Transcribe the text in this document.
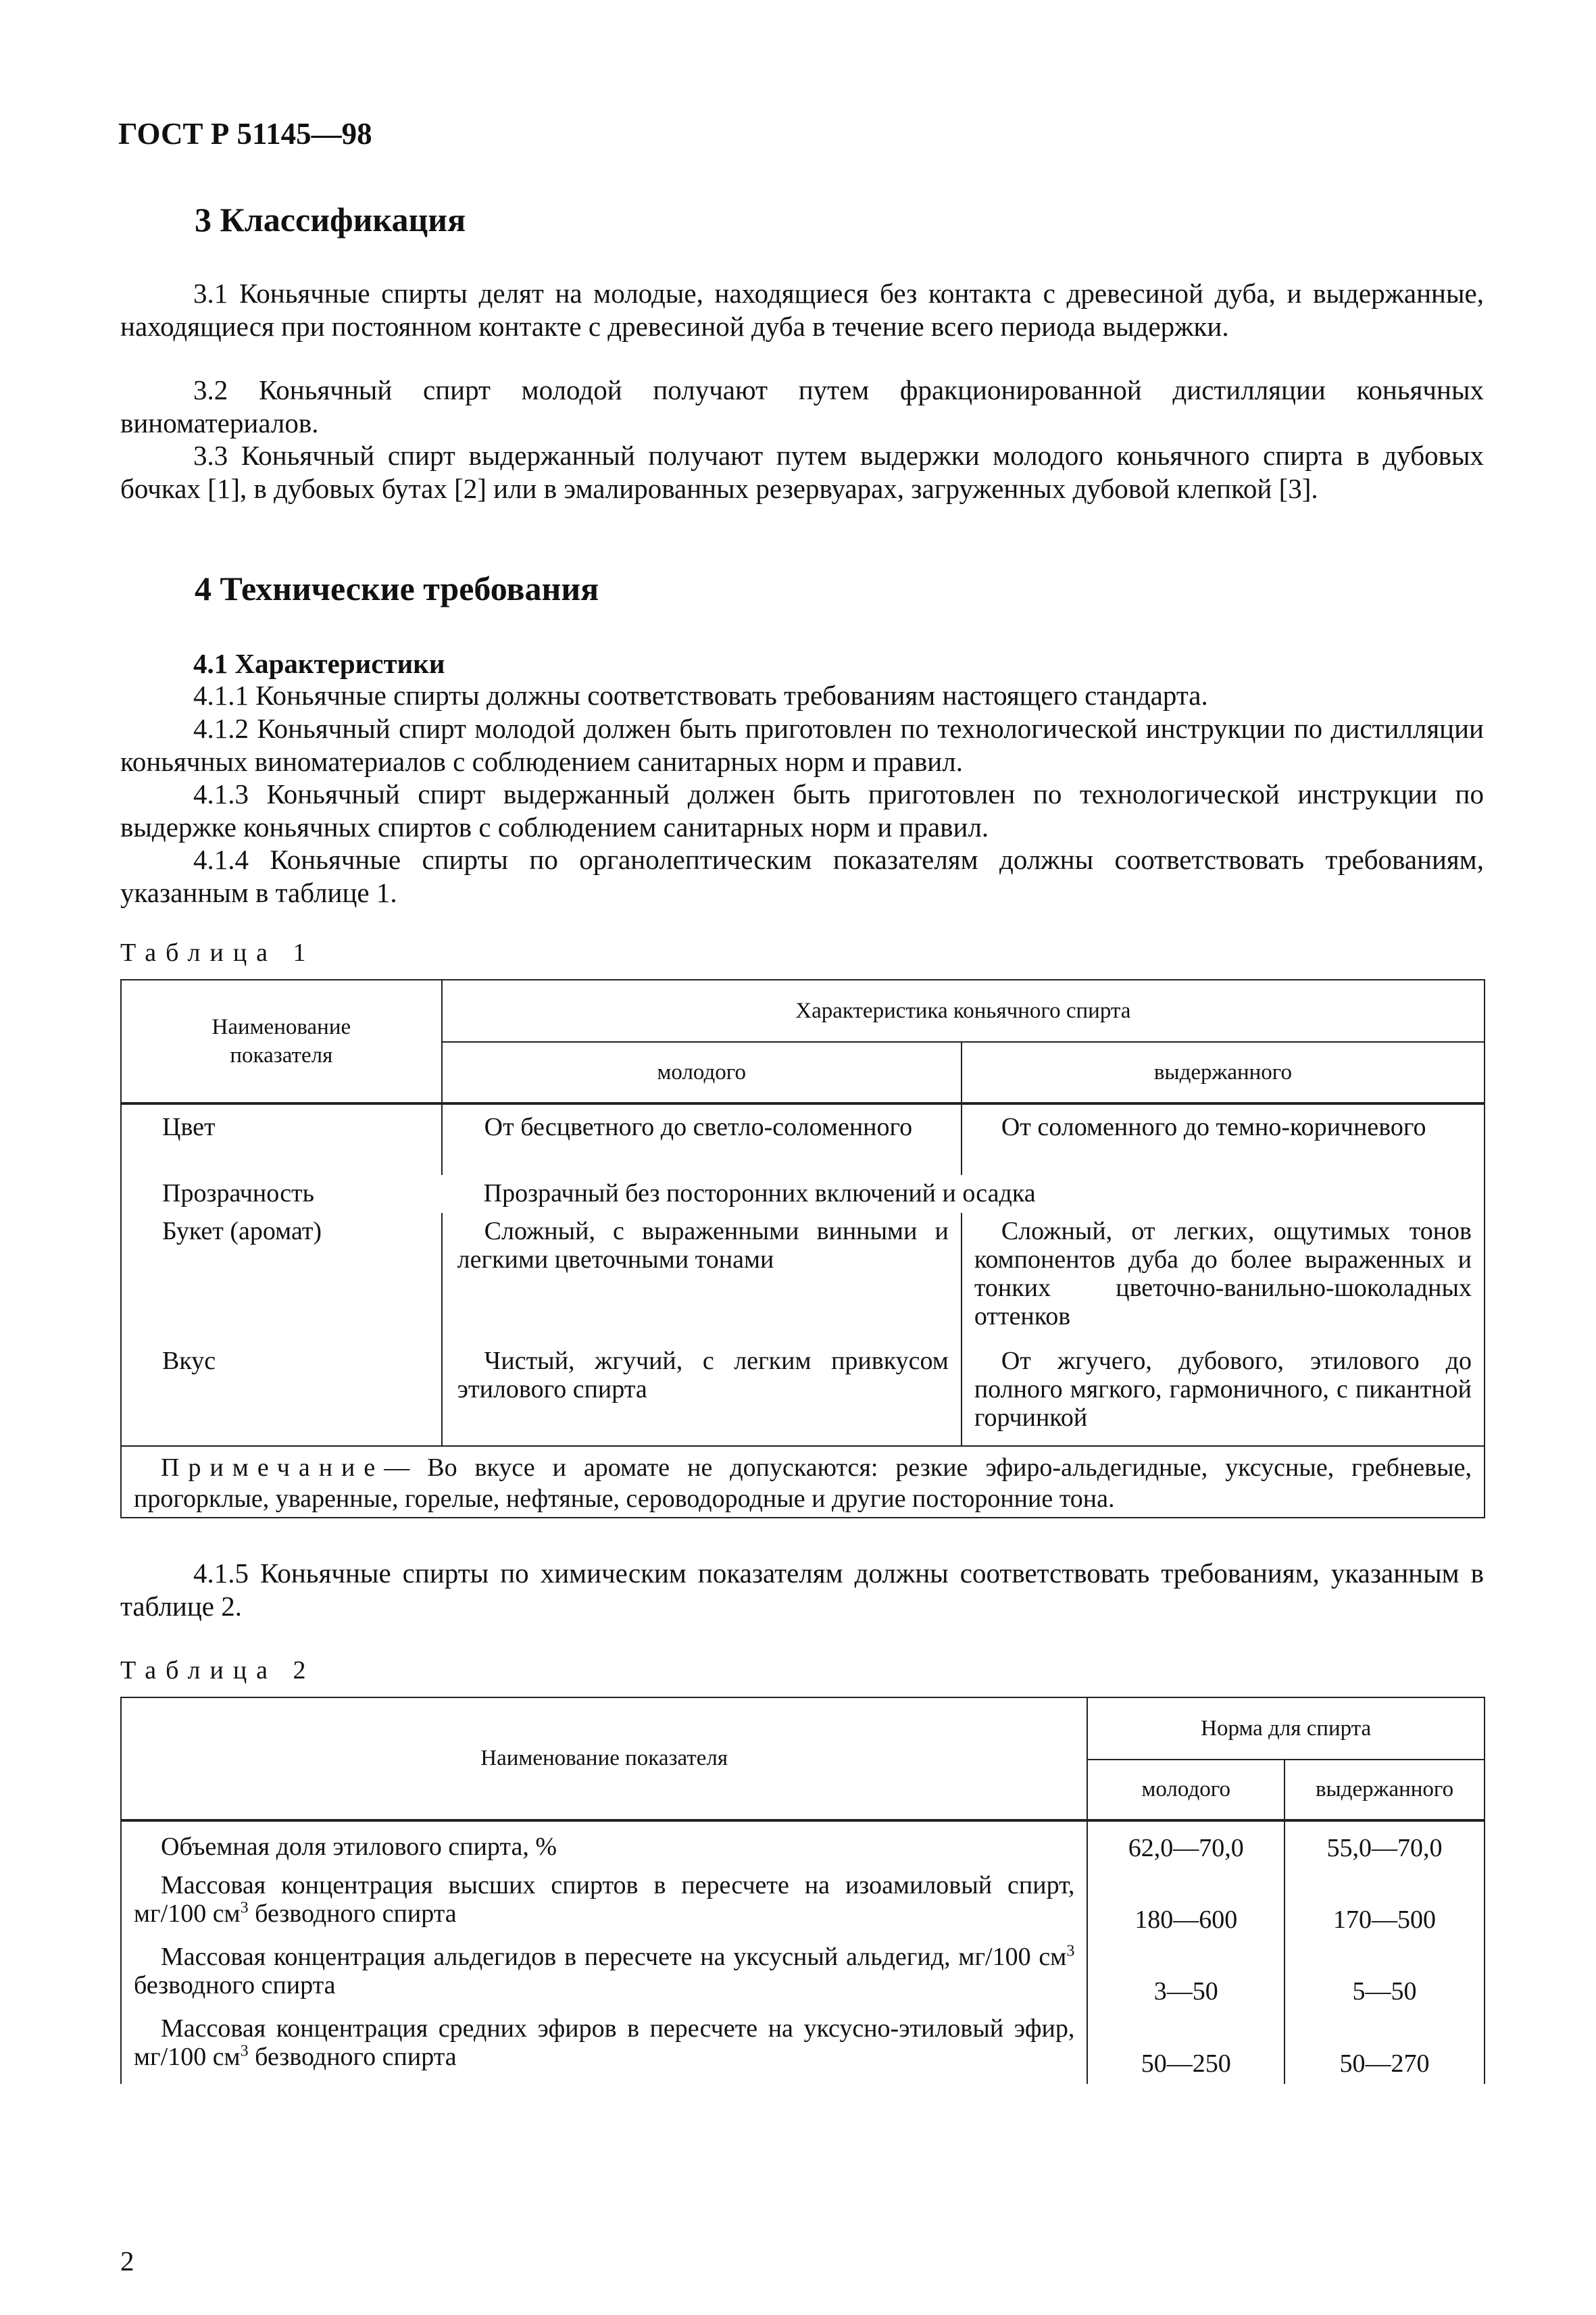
ГОСТ Р 51145—98
3 Классификация
3.1 Коньячные спирты делят на молодые, находящиеся без контакта с древесиной дуба, и выдержанные, находящиеся при постоянном контакте с древесиной дуба в течение всего периода выдержки.
3.2 Коньячный спирт молодой получают путем фракционированной дистилляции коньячных виноматериалов.
3.3 Коньячный спирт выдержанный получают путем выдержки молодого коньячного спирта в дубовых бочках [1], в дубовых бутах [2] или в эмалированных резервуарах, загруженных дубовой клепкой [3].
4 Технические требования
4.1 Характеристики
4.1.1 Коньячные спирты должны соответствовать требованиям настоящего стандарта.
4.1.2 Коньячный спирт молодой должен быть приготовлен по технологической инструкции по дистилляции коньячных виноматериалов с соблюдением санитарных норм и правил.
4.1.3 Коньячный спирт выдержанный должен быть приготовлен по технологической инструкции по выдержке коньячных спиртов с соблюдением санитарных норм и правил.
4.1.4 Коньячные спирты по органолептическим показателям должны соответствовать требованиям, указанным в таблице 1.
Таблица 1
Наименование показателя	Характеристика коньячного спирта	
	молодого	выдержанного
Цвет	От бесцветного до светло-соломенного	От соломенного до темно-коричневого

Прозрачность	Прозрачный без посторонних включений и осадка	
Букет (аромат)	Сложный, с выраженными винными и легкими цветочными тонами	Сложный, от легких, ощутимых тонов компонентов дуба до более выраженных и тонких цветочно-ванильно-шоколадных оттенков

Вкус	Чистый, жгучий, с легким привкусом этилового спирта	От жгучего, дубового, этилового до полного мягкого, гармоничного, с пикантной горчинкой

Примечание— Во вкусе и аромате не допускаются: резкие эфиро-альдегидные, уксусные, гребневые, прогорклые, уваренные, горелые, нефтяные, сероводородные и другие посторонние тона.		
4.1.5 Коньячные спирты по химическим показателям должны соответствовать требованиям, указанным в таблице 2.
Таблица 2
Наименование показателя	Норма для спирта	
	молодого	выдержанного

Объемная доля этилового спирта, %	62,0—70,0	55,0—70,0

Массовая концентрация высших спиртов в пересчете на изоамиловый спирт, мг/100 $см^3$ безводного спирта	180—600	170—500

Массовая концентрация альдегидов в пересчете на уксусный альдегид, мг/100 $см^3$ безводного спирта	3—50	5—50

Массовая концентрация средних эфиров в пересчете на уксусно-этиловый эфир, мг/100 $см^3$ безводного спирта	50—250	50—270
2
